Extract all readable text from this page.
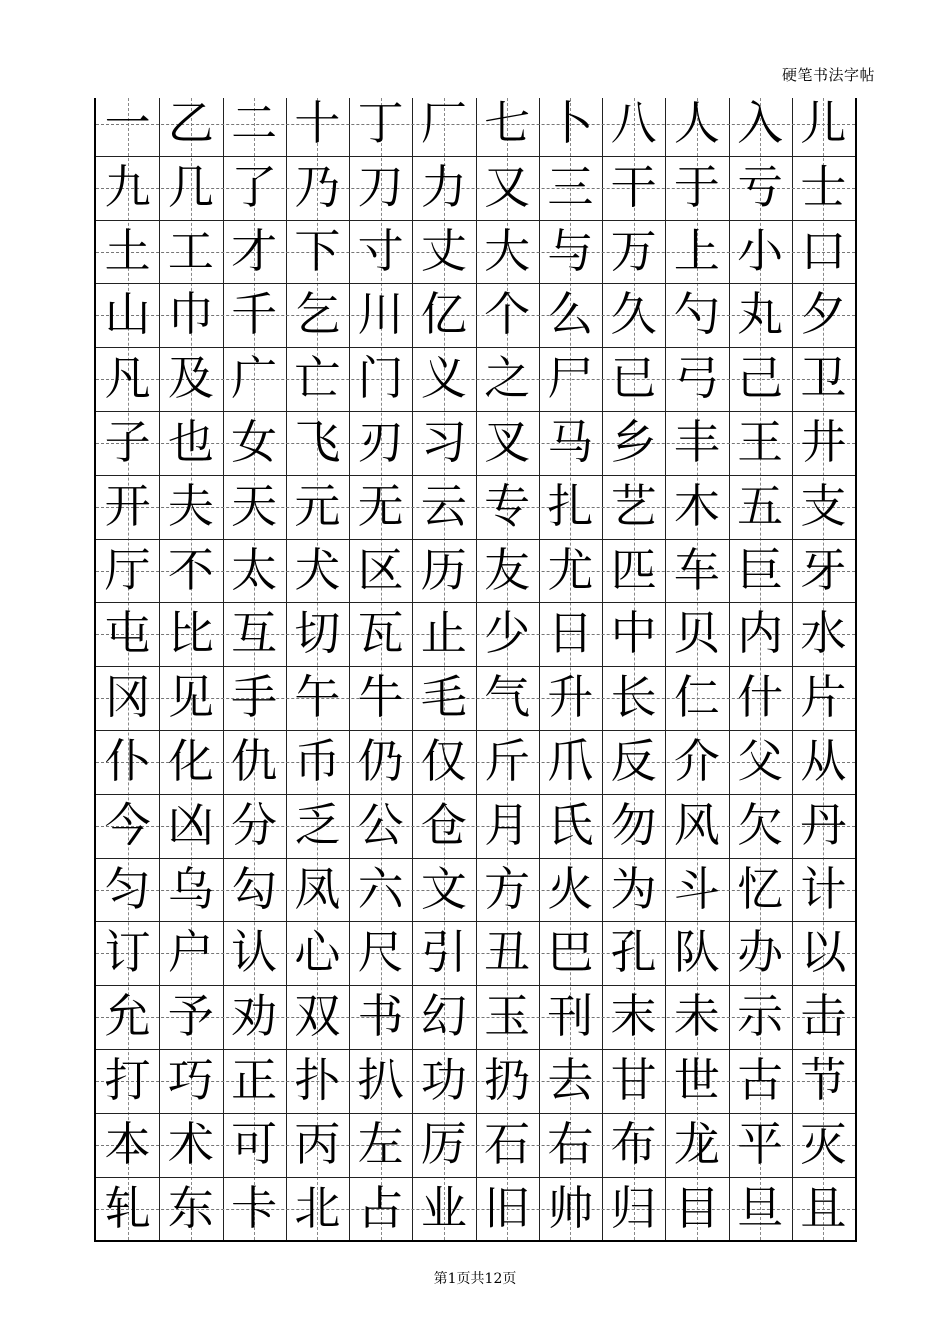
硬笔书法字帖
一 乙 二 十 丁 厂 七 卜 八 人 入 儿
九 几 了 乃 刀 力 又 三 干 于 亏 士
土 工 才 下 寸 丈 大 与 万 上 小 口
山 巾 千 乞 川 亿 个 么 久 勺 丸 夕
凡 及 广 亡 门 义 之 尸 已 弓 己 卫
子 也 女 飞 刃 习 叉 马 乡 丰 王 井
开 夫 天 元 无 云 专 扎 艺 木 五 支
厅 不 太 犬 区 历 友 尤 匹 车 巨 牙
屯 比 互 切 瓦 止 少 日 中 贝 内 水
冈 见 手 午 牛 毛 气 升 长 仁 什 片
仆 化 仇 币 仍 仅 斤 爪 反 介 父 从
今 凶 分 乏 公 仓 月 氏 勿 风 欠 丹
匀 乌 勾 凤 六 文 方 火 为 斗 忆 计
订 户 认 心 尺 引 丑 巴 孔 队 办 以
允 予 劝 双 书 幻 玉 刊 末 未 示 击
打 巧 正 扑 扒 功 扔 去 甘 世 古 节
本 术 可 丙 左 厉 石 右 布 龙 平 灭
轧 东 卡 北 占 业 旧 帅 归 目 旦 且
第1页共12页
